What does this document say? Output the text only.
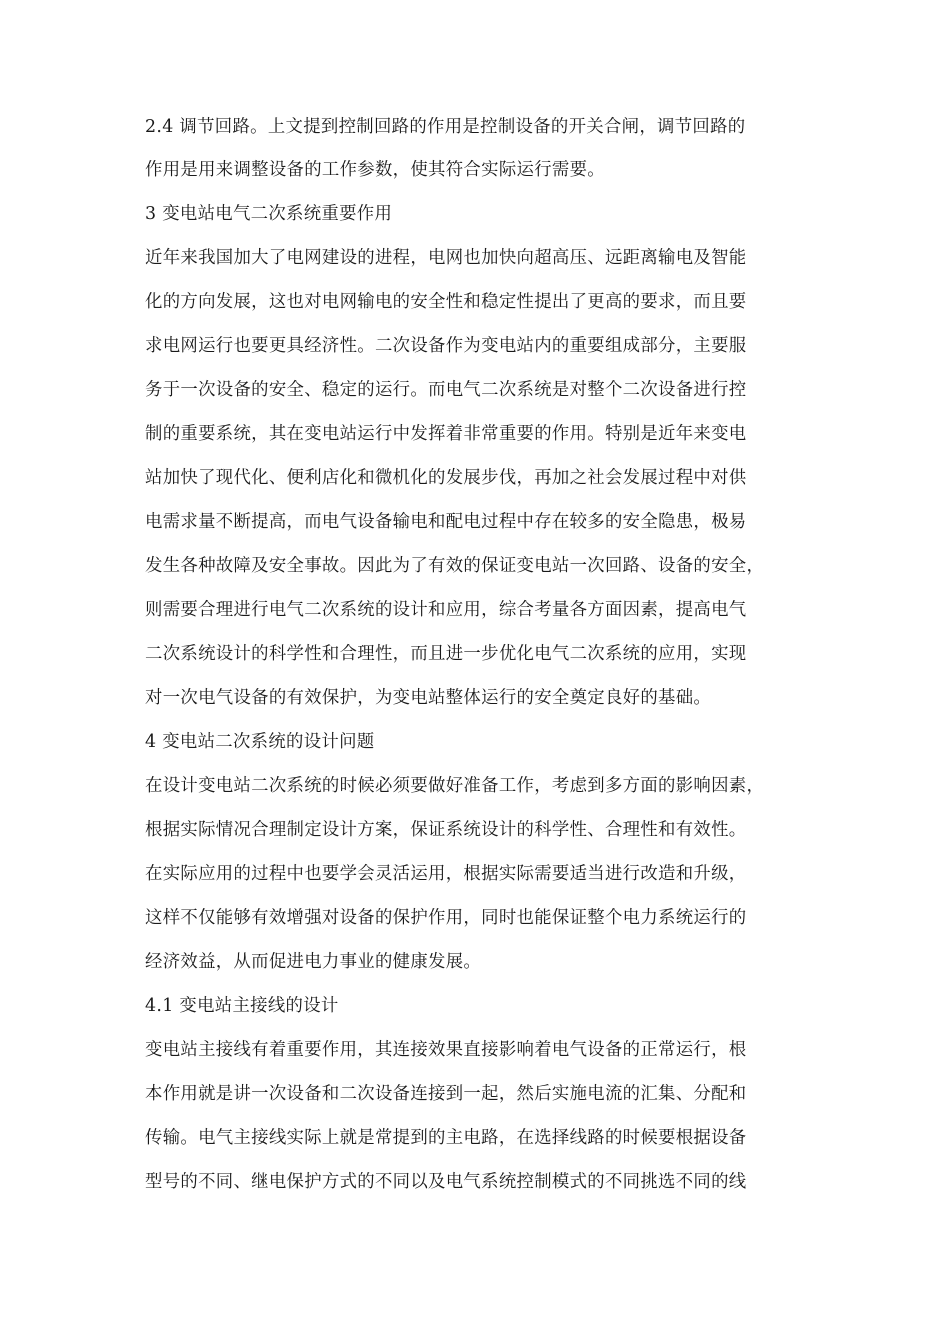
2.4 调节回路。上文提到控制回路的作用是控制设备的开关合闸，调节回路的
作用是用来调整设备的工作参数，使其符合实际运行需要。
3 变电站电气二次系统重要作用
近年来我国加大了电网建设的进程，电网也加快向超高压、远距离输电及智能
化的方向发展，这也对电网输电的安全性和稳定性提出了更高的要求，而且要
求电网运行也要更具经济性。二次设备作为变电站内的重要组成部分，主要服
务于一次设备的安全、稳定的运行。而电气二次系统是对整个二次设备进行控
制的重要系统，其在变电站运行中发挥着非常重要的作用。特别是近年来变电
站加快了现代化、便利店化和微机化的发展步伐，再加之社会发展过程中对供
电需求量不断提高，而电气设备输电和配电过程中存在较多的安全隐患，极易
发生各种故障及安全事故。因此为了有效的保证变电站一次回路、设备的安全，
则需要合理进行电气二次系统的设计和应用，综合考量各方面因素，提高电气
二次系统设计的科学性和合理性，而且进一步优化电气二次系统的应用，实现
对一次电气设备的有效保护，为变电站整体运行的安全奠定良好的基础。
4 变电站二次系统的设计问题
在设计变电站二次系统的时候必须要做好准备工作，考虑到多方面的影响因素，
根据实际情况合理制定设计方案，保证系统设计的科学性、合理性和有效性。
在实际应用的过程中也要学会灵活运用，根据实际需要适当进行改造和升级，
这样不仅能够有效增强对设备的保护作用，同时也能保证整个电力系统运行的
经济效益，从而促进电力事业的健康发展。
4.1 变电站主接线的设计
变电站主接线有着重要作用，其连接效果直接影响着电气设备的正常运行，根
本作用就是讲一次设备和二次设备连接到一起，然后实施电流的汇集、分配和
传输。电气主接线实际上就是常提到的主电路，在选择线路的时候要根据设备
型号的不同、继电保护方式的不同以及电气系统控制模式的不同挑选不同的线
